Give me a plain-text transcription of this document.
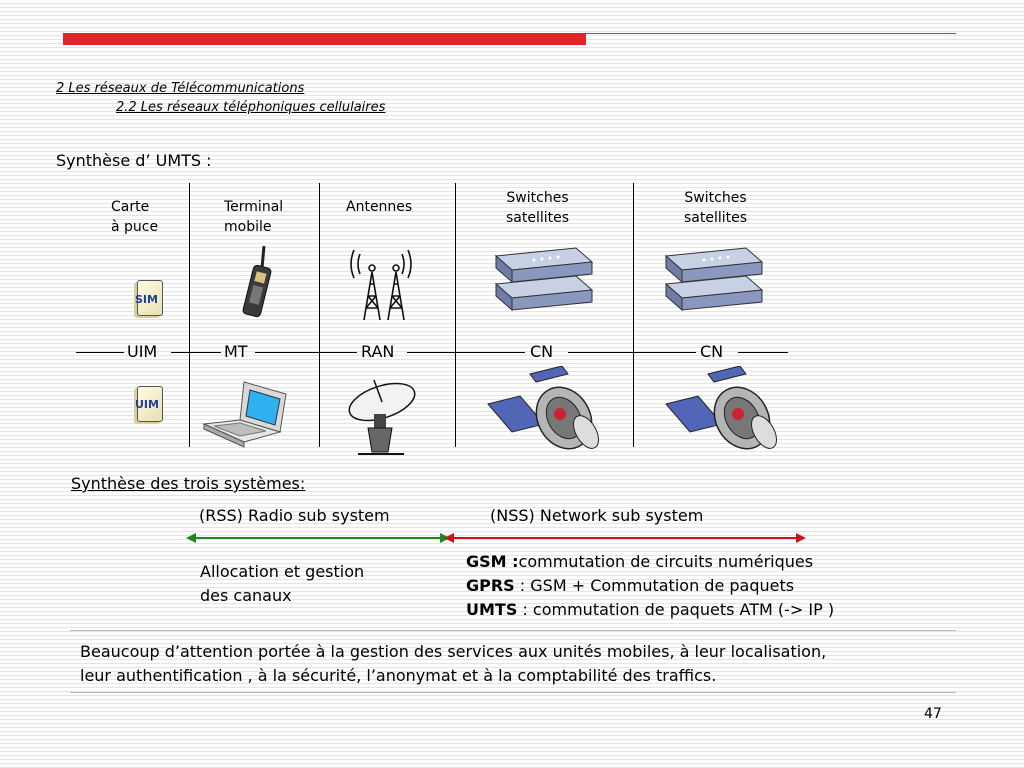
2 Les réseaux de Télécommunications
2.2 Les réseaux téléphoniques cellulaires
Synthèse d’ UMTS :
Carte
à puce
Terminal
mobile
Antennes
Switches
satellites
Switches
satellites
UIM	MT	RAN	CN	CN
SIM
UIM
Synthèse des trois systèmes:
(RSS) Radio sub system	(NSS) Network sub system
Allocation et gestion
des canaux
GSM :commutation de circuits numériques
GPRS : GSM + Commutation de paquets
UMTS : commutation de paquets ATM (-> IP )
Beaucoup d’attention portée à la gestion des services aux unités mobiles, à leur localisation,
leur authentification , à la sécurité, l’anonymat et à la comptabilité des traffics.
47
